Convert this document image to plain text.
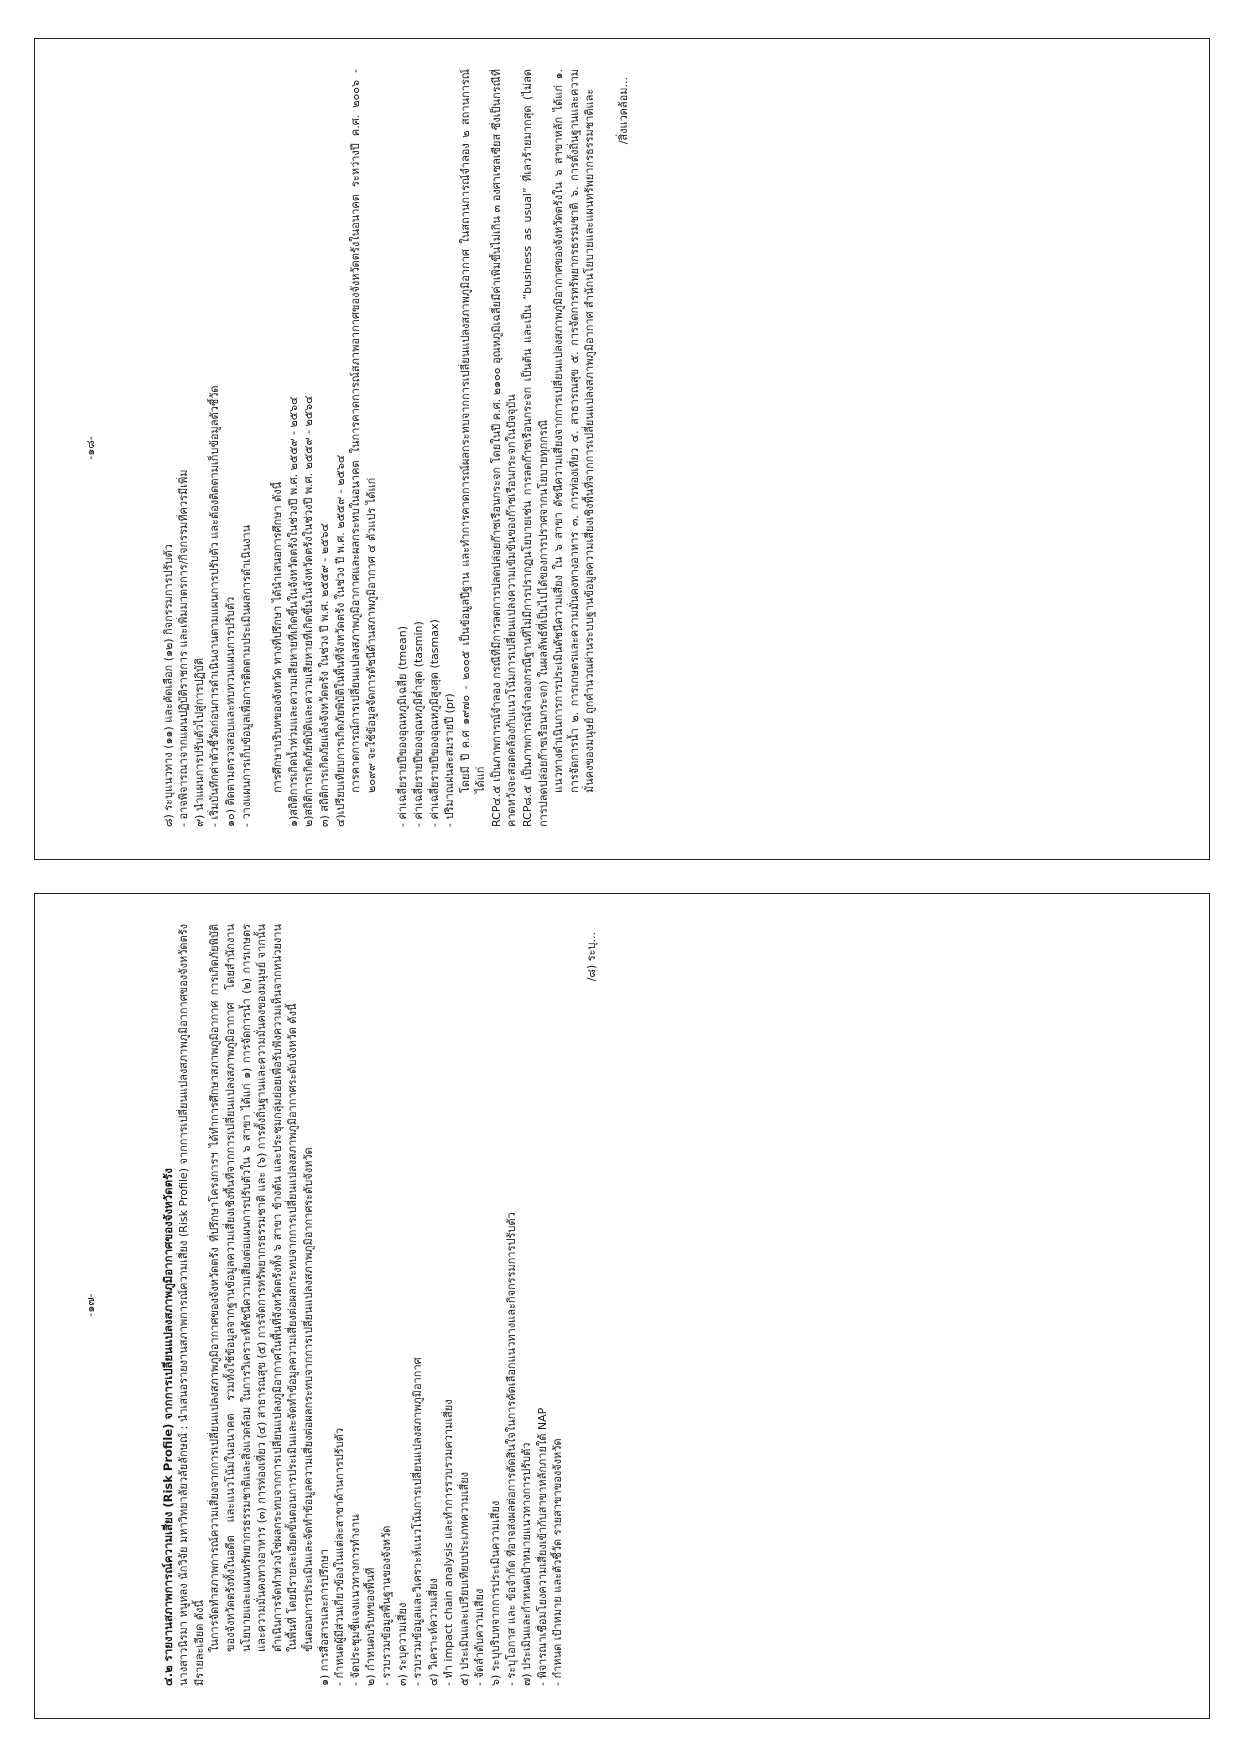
-๑๘-
๘) ระบุแนวทาง (๑๑) และคัดเลือก (๑๒) กิจกรรมการปรับตัว - อาจพิจารณาจากแผนปฏิบัติราชการ และเพิ่มมาตรการ/กิจกรรมที่ควรมีเพิ่ม ๙) นำแผนการปรับตัวไปสู่การปฏิบัติ - เริ่มบันทึกค่าตัวชี้วัดก่อนการดำเนินงานตามแผนการปรับตัว และต้องติดตามเก็บข้อมูลตัวชี้วัด ๑๐) ติดตามตรวจสอบและทบทวนแผนการปรับตัว - วางแผนการเก็บข้อมูลเพื่อการติดตามประเมินผลการดำเนินงาน การศึกษาบริบทของจังหวัด ทางที่ปรึกษา ได้นำเสนอการศึกษา ดังนี้ ๑)สถิติการเกิดน้ำท่วมและความเสียหายที่เกิดขึ้นในจังหวัดตรังในช่วงปี พ.ศ. ๒๕๕๙ - ๒๕๖๔ ๒)สถิติการเกิดภัยพิบัติและความเสียหายที่เกิดขึ้นในจังหวัดตรังในช่วงปี พ.ศ. ๒๕๕๙ - ๒๕๖๔ ๓) สถิติการเกิดภัยแล้งจังหวัดตรัง ในช่วง ปี พ.ศ. ๒๕๕๙ - ๒๕๖๔ ๔)เปรียบเทียบการเกิดภัยพิบัติในพื้นที่จังหวัดตรัง ในช่วง ปี พ.ศ. ๒๕๕๙ - ๒๕๖๔ การคาดการณ์การเปลี่ยนแปลงสภาพภูมิอากาศและผลกระทบในอนาคต ในการคาดการณ์สภาพอากาศของจังหวัดตรังในอนาคต ระหว่างปี ค.ศ. ๒๐๐๖ - ๒๐๙๙ จะใช้ข้อมูลจัดการดัชนีด้านสภาพภูมิอากาศ ๔ ตัวแปร ได้แก่ - ค่าเฉลี่ยรายปีของอุณหภูมิเฉลี่ย (tmean) - ค่าเฉลี่ยรายปีของอุณหภูมิต่ำสุด (tasmin) - ค่าเฉลี่ยรายปีของอุณหภูมิสูงสุด (tasmax) - ปริมาณฝนสะสมรายปี (pr) โดยมี ปี ค.ศ ๑๙๗๐ - ๒๐๐๕ เป็นข้อมูลปีฐาน และทำการคาดการณ์ผลกระทบจากการเปลี่ยนแปลงสภาพภูมิอากาศ ในสถานการณ์จำลอง ๒ สถานการณ์ ได้แก่ RCP๔.๕ เป็นภาพการณ์จำลอง กรณีที่มีการลดการปลดปล่อยก๊าซเรือนกระจก โดยในปี ค.ศ. ๒๑๐๐ อุณหภูมิเฉลี่ยมีค่าเพิ่มขึ้นไม่เกิน ๓ องศาเซลเซียส ซึ่งเป็นกรณีที่คาดหวังจะสอดคล้องกับแนวโน้มการเปลี่ยนแปลงความเข้มข้นของก๊าซเรือนกระจกในปัจจุบัน RCP๘.๕ เป็นภาพการณ์จำลองกรณีฐานที่ไม่มีการปรากฏนโยบายเช่น การลดก๊าซเรือนกระจก เป็นต้น และเป็น “business as usual” ที่เลวร้ายมากสุด (ไม่ลดการปลดปล่อยก๊าซเรือนกระจก) ในผลลัพธ์ที่เป็นไปได้ของการปราศจากนโยบายทุกกรณี แนวทางดำเนินการการประเมินดัชนีความเสี่ยง ใน ๖ สาขา ดัชนีความเสี่ยงจากการเปลี่ยนแปลงสภาพภูมิอากาศของจังหวัดตรังใน ๖ สาขาหลัก ได้แก่ ๑. การจัดการน้ำ ๒. การเกษตรและความมั่นคงทางอาหาร ๓. การท่องเที่ยว ๔. สาธารณสุข ๕. การจัดการทรัพยากรธรรมชาติ ๖. การตั้งถิ่นฐานและความมั่นคงของมนุษย์ ถูกคำนวณผ่านระบบฐานข้อมูลความเสี่ยงเชิงพื้นที่จากการเปลี่ยนแปลงสภาพภูมิอากาศ สำนักนโยบายและแผนทรัพยากรธรรมชาติและ /สิ่งแวดล้อม...
-๑๗-	๔.๒ รายงานสภาพการณ์ความเสี่ยง (Risk Profile) จากการเปลี่ยนแปลงสภาพภูมิอากาศของจังหวัดตรัง นางสาวนิรมา หนูหลง นักวิจัย มหาวิทยาลัยวลัยลักษณ์ : นำเสนอรายงานสภาพการณ์ความเสี่ยง (Risk Profile) จากการเปลี่ยนแปลงสภาพภูมิอากาศของจังหวัดตรัง มีรายละเอียด ดังนี้ ในการจัดทำสภาพการณ์ความเสี่ยงจากการเปลี่ยนแปลงสภาพภูมิอากาศของจังหวัดตรัง ที่ปรึกษาโครงการฯ ได้ทำการศึกษาสภาพภูมิอากาศ การเกิดภัยพิบัติ ของจังหวัดตรังทั้งในอดีต และแนวโน้มในอนาคต รวมทั้งใช้ข้อมูลจากฐานข้อมูลความเสี่ยงเชิงพื้นที่จากการเปลี่ยนแปลงสภาพภูมิอากาศ โดยสำนักงานนโยบายและแผนทรัพยากรธรรมชาติและสิ่งแวดล้อม ในการวิเคราะห์ดัชนีความเสี่ยงต่อแผนการปรับตัวใน ๖ สาขา ได้แก่ ๑) การจัดการน้ำ (๒) การเกษตรและความมั่นคงทางอาหาร (๓) การท่องเที่ยว (๔) สาธารณสุข (๕) การจัดการทรัพยากรธรรมชาติ และ (๖) การตั้งถิ่นฐานและความมั่นคงของมนุษย์ จากนั้นดำเนินการจัดทำห่วงโซ่ผลกระทบจากการเปลี่ยนแปลงภูมิอากาศในพื้นที่จังหวัดตรังทั้ง ๖ สาขา ข้างต้น และประชุมกลุ่มย่อยเพื่อรับฟังความเห็นจากหน่วยงานในพื้นที่ โดยมีรายละเอียดขั้นตอนการประเมินและจัดทำข้อมูลความเสี่ยงต่อผลกระทบจากการเปลี่ยนแปลงสภาพภูมิอากาศระดับจังหวัด ดังนี้ ขั้นตอนการประเมินและจัดทำข้อมูลความเสี่ยงต่อผลกระทบจากการเปลี่ยนแปลงสภาพภูมิอากาศระดับจังหวัด ๑) การสื่อสารและการปรึกษา - กำหนดผู้มีส่วนเกี่ยวข้องในแต่ละสาขาด้านการปรับตัว - จัดประชุมชี้แจงแนวทางการทำงาน ๒) กำหนดบริบทของพื้นที่ - รวบรวมข้อมูลพื้นฐานของจังหวัด ๓) ระบุความเสี่ยง - รวบรวมข้อมูลและวิเคราะห์แนวโน้มการเปลี่ยนแปลงสภาพภูมิอากาศ ๔) วิเคราะห์ความเสี่ยง - ทำ impact chain analysis และทำการรวบรวมความเสี่ยง ๕) ประเมินและเปรียบเทียบประเภทความเสี่ยง - จัดลำดับความเสี่ยง ๖) ระบุบริบทจากการประเมินความเสี่ยง - ระบุโอกาส และ ข้อจำกัด ที่อาจส่งผลต่อการตัดสินใจในการคัดเลือกแนวทางและกิจกรรมการปรับตัว ๗) ประเมินและกำหนดเป้าหมายแนวทางการปรับตัว - พิจารณาเชื่อมโยงความเสี่ยงเข้ากับสาขาหลักภายใต้ NAP - กำหนด เป้าหมาย และตัวชี้วัด รายสาขาของจังหวัด
/๘) ระบุ...
